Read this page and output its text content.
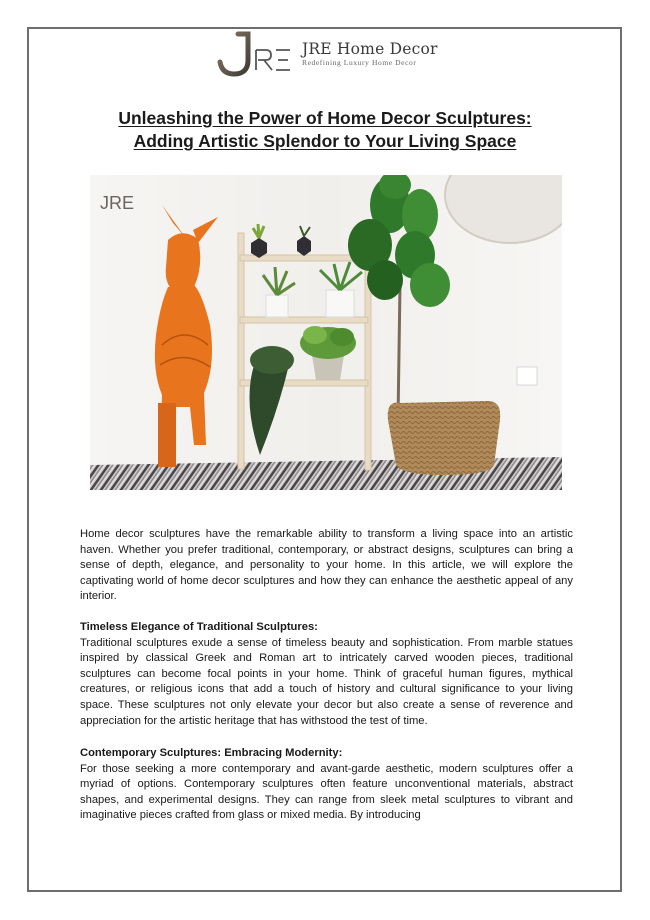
JRE Home Decor
Redefining Luxury Home Decor
Unleashing the Power of Home Decor Sculptures:
Adding Artistic Splendor to Your Living Space
JRE

Home decor sculptures have the remarkable ability to transform a living space into an artistic haven. Whether you prefer traditional, contemporary, or abstract designs, sculptures can bring a sense of depth, elegance, and personality to your home. In this article, we will explore the captivating world of home decor sculptures and how they can enhance the aesthetic appeal of any interior.

Timeless Elegance of Traditional Sculptures:

Traditional sculptures exude a sense of timeless beauty and sophistication. From marble statues inspired by classical Greek and Roman art to intricately carved wooden pieces, traditional sculptures can become focal points in your home. Think of graceful human figures, mythical creatures, or religious icons that add a touch of history and cultural significance to your living space. These sculptures not only elevate your decor but also create a sense of reverence and appreciation for the artistic heritage that has withstood the test of time.

Contemporary Sculptures: Embracing Modernity:

For those seeking a more contemporary and avant-garde aesthetic, modern sculptures offer a myriad of options. Contemporary sculptures often feature unconventional materials, abstract shapes, and experimental designs. They can range from sleek metal sculptures to vibrant and imaginative pieces crafted from glass or mixed media. By introducing
